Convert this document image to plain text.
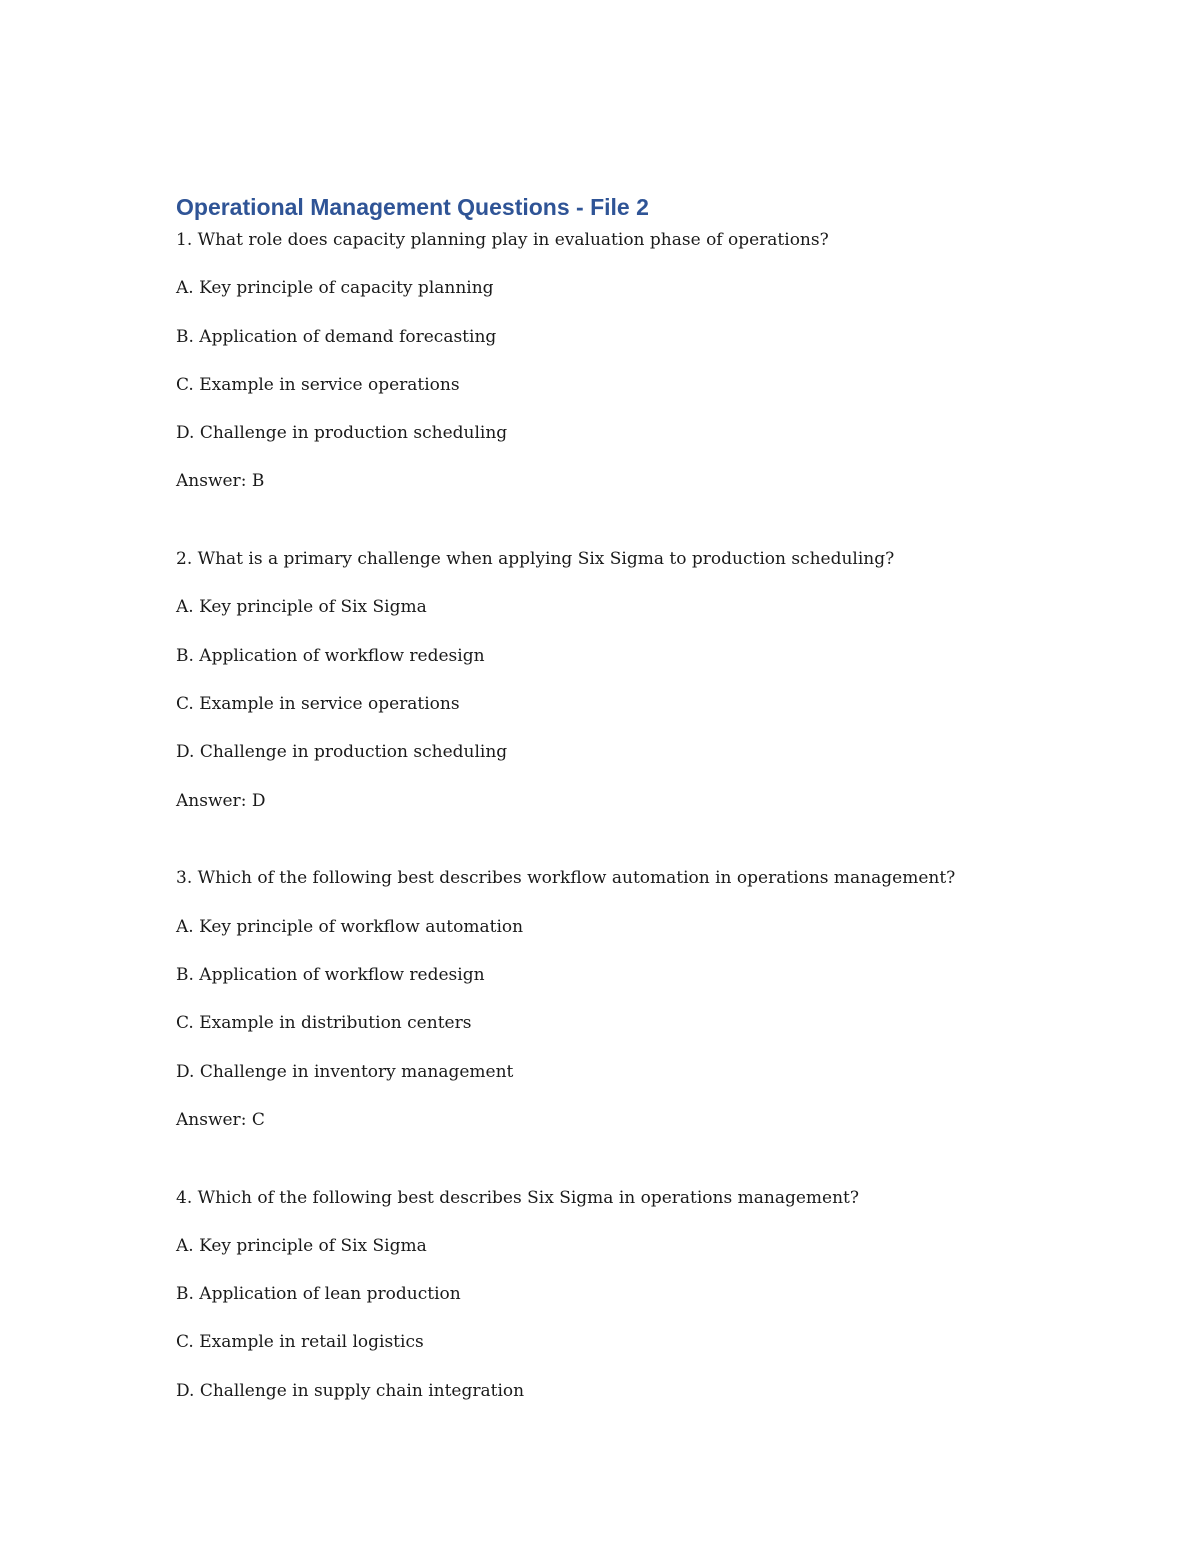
Operational Management Questions - File 2
1. What role does capacity planning play in evaluation phase of operations?
A. Key principle of capacity planning
B. Application of demand forecasting
C. Example in service operations
D. Challenge in production scheduling
Answer: B
2. What is a primary challenge when applying Six Sigma to production scheduling?
A. Key principle of Six Sigma
B. Application of workflow redesign
C. Example in service operations
D. Challenge in production scheduling
Answer: D
3. Which of the following best describes workflow automation in operations management?
A. Key principle of workflow automation
B. Application of workflow redesign
C. Example in distribution centers
D. Challenge in inventory management
Answer: C
4. Which of the following best describes Six Sigma in operations management?
A. Key principle of Six Sigma
B. Application of lean production
C. Example in retail logistics
D. Challenge in supply chain integration
